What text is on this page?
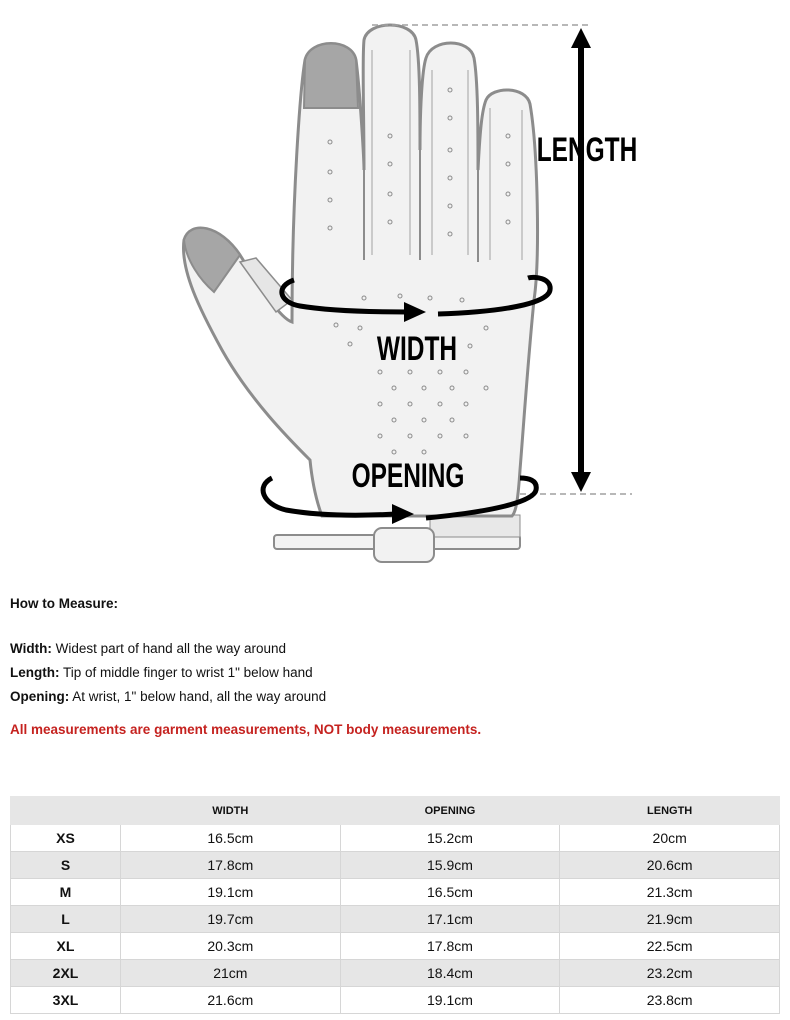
LENGTH
WIDTH
OPENING

How to Measure:

Width: Widest part of hand all the way around

Length: Tip of middle finger to wrist 1" below hand

Opening: At wrist, 1" below hand, all the way around

All measurements are garment measurements, NOT body measurements.
	WIDTH	OPENING	LENGTH
XS	16.5cm	15.2cm	20cm
S	17.8cm	15.9cm	20.6cm
M	19.1cm	16.5cm	21.3cm
L	19.7cm	17.1cm	21.9cm
XL	20.3cm	17.8cm	22.5cm
2XL	21cm	18.4cm	23.2cm
3XL	21.6cm	19.1cm	23.8cm
